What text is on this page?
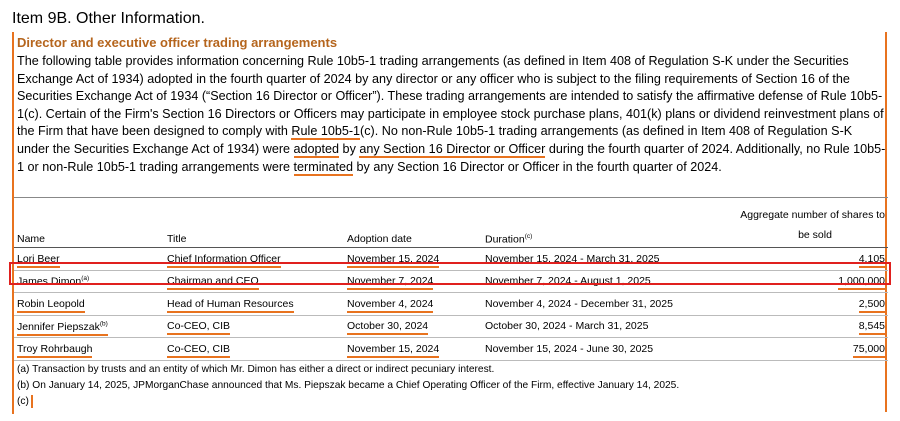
Item 9B. Other Information.
Director and executive officer trading arrangements
The following table provides information concerning Rule 10b5-1 trading arrangements (as defined in Item 408 of Regulation S-K under the Securities Exchange Act of 1934) adopted in the fourth quarter of 2024 by any director or any officer who is subject to the filing requirements of Section 16 of the Securities Exchange Act of 1934 (“Section 16 Director or Officer”). These trading arrangements are intended to satisfy the affirmative defense of Rule 10b5-1(c). Certain of the Firm's Section 16 Directors or Officers may participate in employee stock purchase plans, 401(k) plans or dividend reinvestment plans of the Firm that have been designed to comply with Rule 10b5-1(c). No non-Rule 10b5-1 trading arrangements (as defined in Item 408 of Regulation S-K under the Securities Exchange Act of 1934) were adopted by any Section 16 Director or Officer during the fourth quarter of 2024. Additionally, no Rule 10b5-1 or non-Rule 10b5-1 trading arrangements were terminated by any Section 16 Director or Officer in the fourth quarter of 2024.
Name	Title	Adoption date	Duration$^{(c)}$	Aggregate number of shares to
be sold

Lori Beer	Chief Information Officer	November 15, 2024	November 15, 2024 - March 31, 2025	4,105
James Dimon$^{(a)}$	Chairman and CEO	November 7, 2024	November 7, 2024 - August 1, 2025	1,000,000
Robin Leopold	Head of Human Resources	November 4, 2024	November 4, 2024 - December 31, 2025	2,500
Jennifer Piepszak$^{(b)}$	Co-CEO, CIB	October 30, 2024	October 30, 2024 - March 31, 2025	8,545
Troy Rohrbaugh	Co-CEO, CIB	November 15, 2024	November 15, 2024 - June 30, 2025	75,000
(a) Transaction by trusts and an entity of which Mr. Dimon has either a direct or indirect pecuniary interest.
(b) On January 14, 2025, JPMorganChase announced that Ms. Piepszak became a Chief Operating Officer of the Firm, effective January 14, 2025.
(c)
